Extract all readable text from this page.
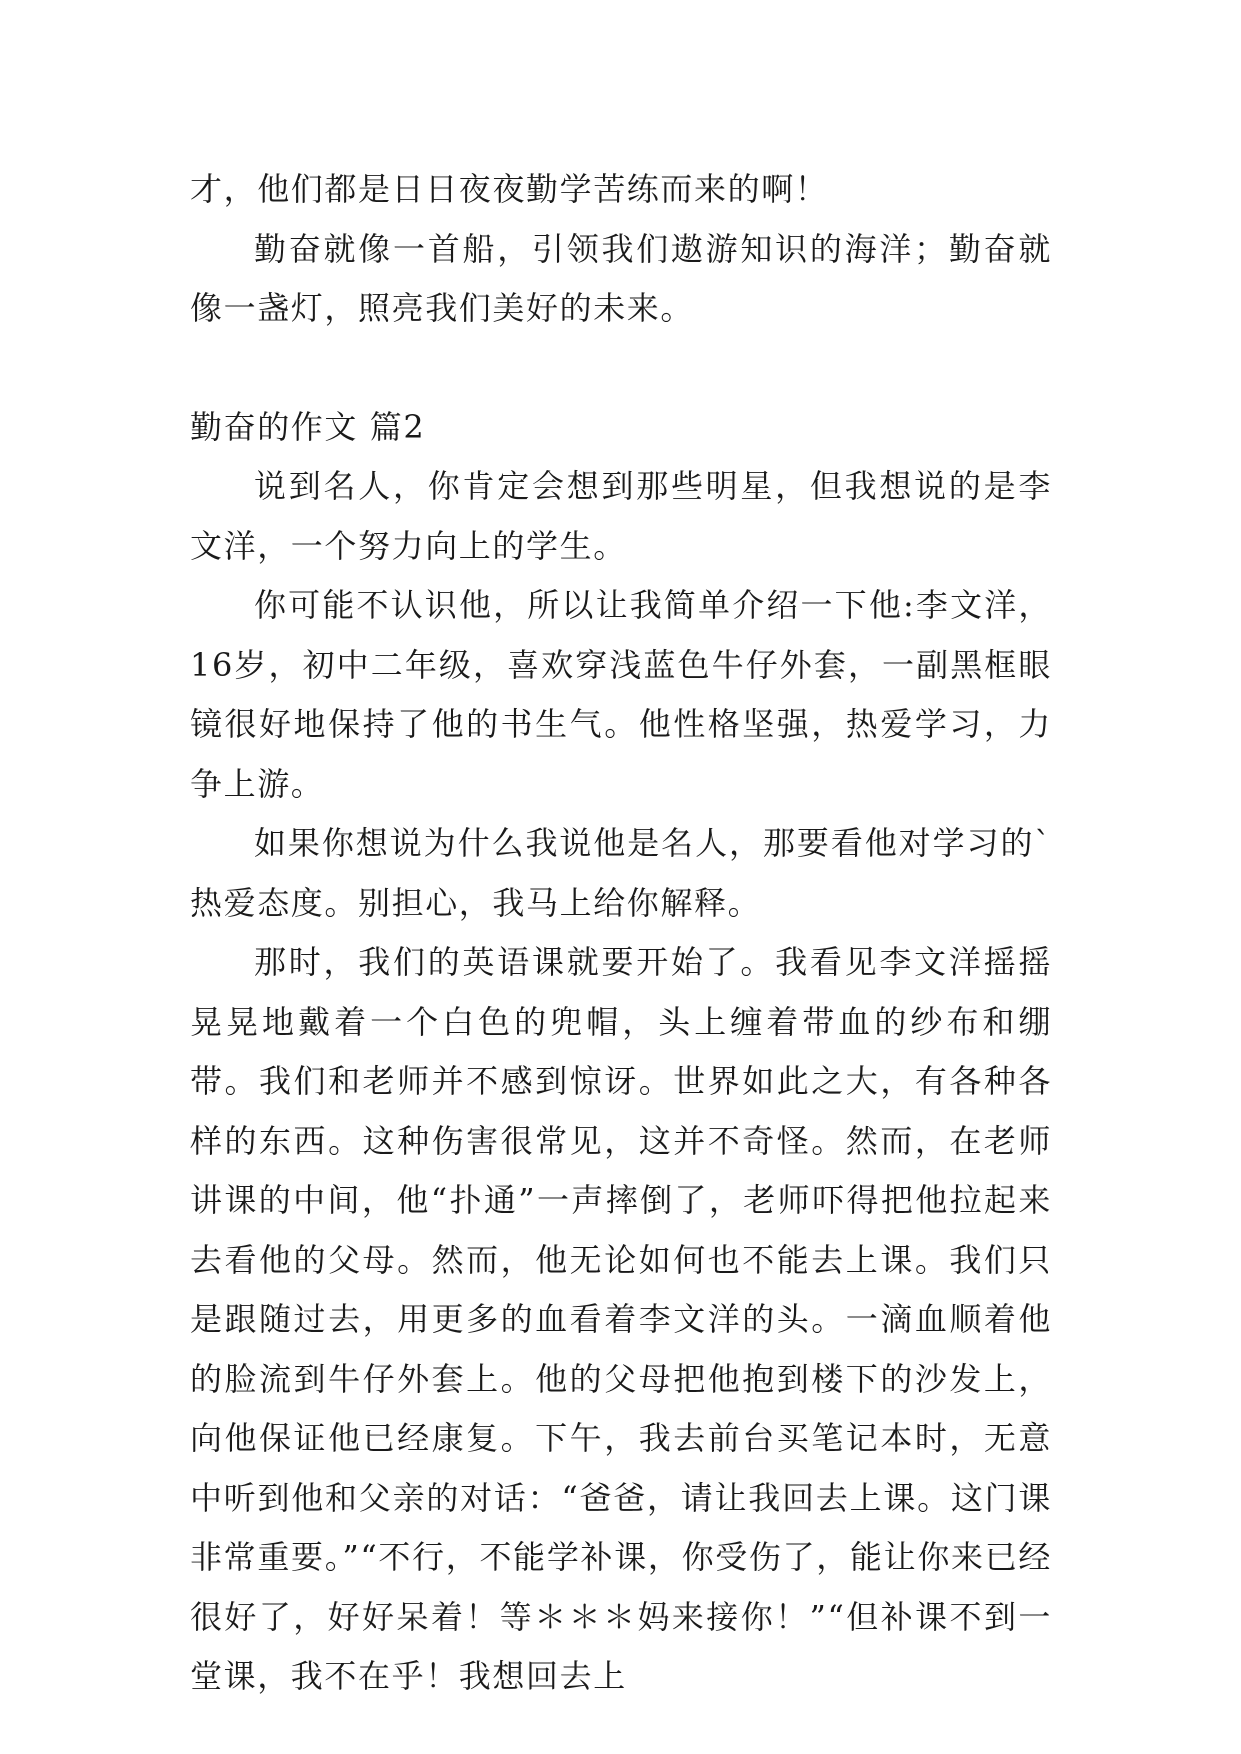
才，他们都是日日夜夜勤学苦练而来的啊！

勤奋就像一首船，引领我们遨游知识的海洋；勤奋就像一盏灯，照亮我们美好的未来。

勤奋的作文 篇2

说到名人，你肯定会想到那些明星，但我想说的是李文洋，一个努力向上的学生。

你可能不认识他，所以让我简单介绍一下他:李文洋，16岁，初中二年级，喜欢穿浅蓝色牛仔外套，一副黑框眼镜很好地保持了他的书生气。他性格坚强，热爱学习，力争上游。

如果你想说为什么我说他是名人，那要看他对学习的`热爱态度。别担心，我马上给你解释。

那时，我们的英语课就要开始了。我看见李文洋摇摇晃晃地戴着一个白色的兜帽，头上缠着带血的纱布和绷带。我们和老师并不感到惊讶。世界如此之大，有各种各样的东西。这种伤害很常见，这并不奇怪。然而，在老师讲课的中间，他“扑通”一声摔倒了，老师吓得把他拉起来去看他的父母。然而，他无论如何也不能去上课。我们只是跟随过去，用更多的血看着李文洋的头。一滴血顺着他的脸流到牛仔外套上。他的父母把他抱到楼下的沙发上，向他保证他已经康复。下午，我去前台买笔记本时，无意中听到他和父亲的对话：“爸爸，请让我回去上课。这门课非常重要。”“不行，不能学补课，你受伤了，能让你来已经很好了，好好呆着！等＊＊＊妈来接你！”“但补课不到一堂课，我不在乎！我想回去上
